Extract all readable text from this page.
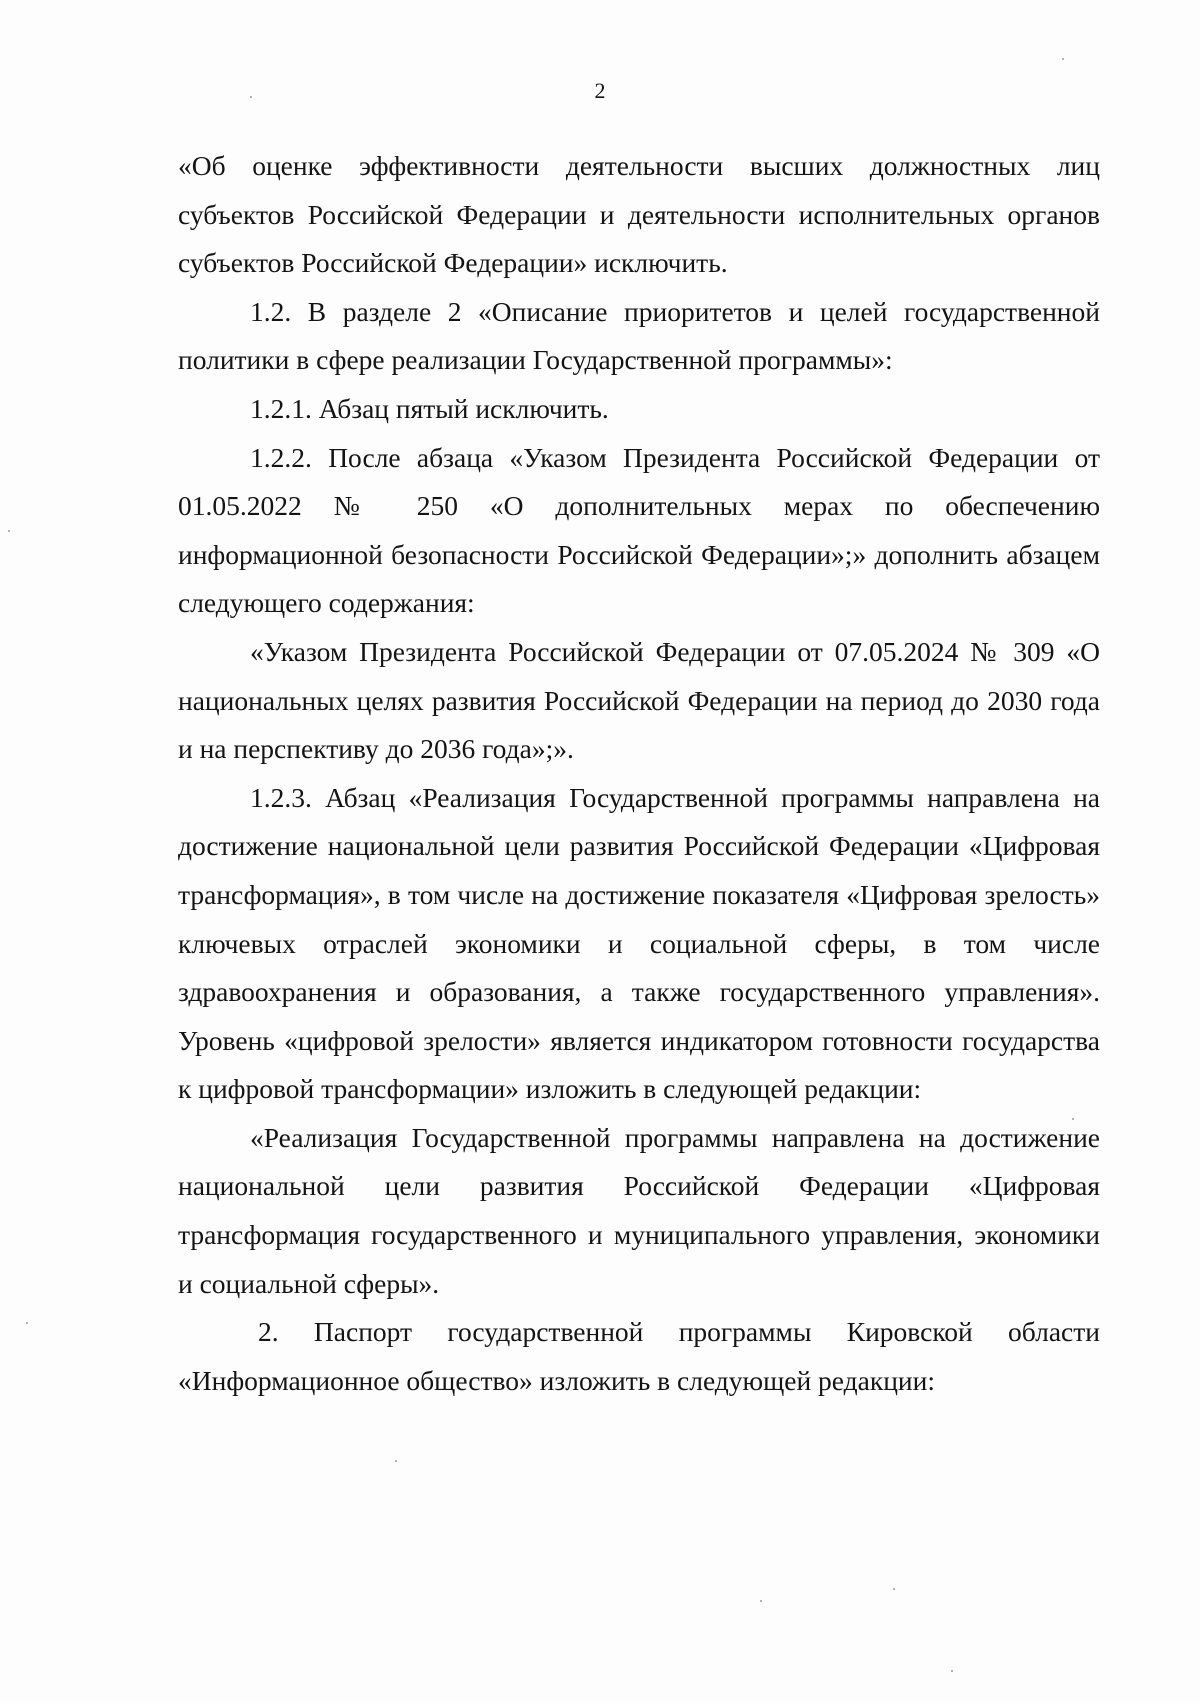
2

«Об оценке эффективности деятельности высших должностных лиц субъектов Российской Федерации и деятельности исполнительных органов субъектов Российской Федерации» исключить.

1.2. В разделе 2 «Описание приоритетов и целей государственной политики в сфере реализации Государственной программы»:

1.2.1. Абзац пятый исключить.

1.2.2. После абзаца «Указом Президента Российской Федерации от 01.05.2022 № 250 «О дополнительных мерах по обеспечению информационной безопасности Российской Федерации»;» дополнить абзацем следующего содержания:

«Указом Президента Российской Федерации от 07.05.2024 № 309 «О национальных целях развития Российской Федерации на период до 2030 года и на перспективу до 2036 года»;».

1.2.3. Абзац «Реализация Государственной программы направлена на достижение национальной цели развития Российской Федерации «Цифровая трансформация», в том числе на достижение показателя «Цифровая зрелость» ключевых отраслей экономики и социальной сферы, в том числе здравоохранения и образования, а также государственного управления». Уровень «цифровой зрелости» является индикатором готовности государства к цифровой трансформации» изложить в следующей редакции:

«Реализация Государственной программы направлена на достижение национальной цели развития Российской Федерации «Цифровая трансформация государственного и муниципального управления, экономики и социальной сферы».

2. Паспорт государственной программы Кировской области «Информационное общество» изложить в следующей редакции:
